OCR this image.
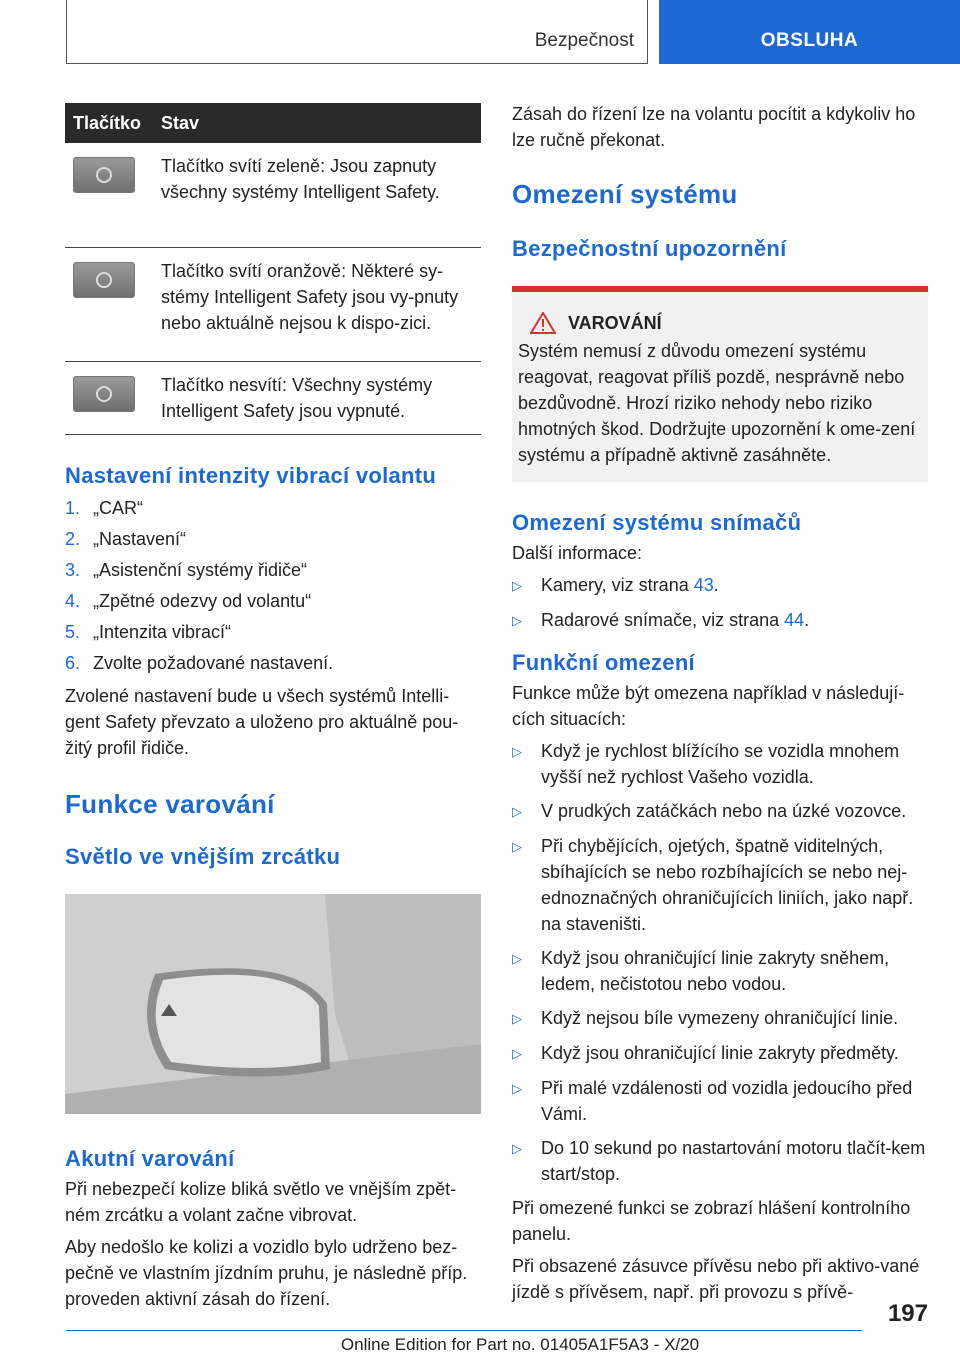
Bezpečnost	OBSLUHA
Tlačítko	Stav

	Tlačítko svítí zeleně: Jsou zapnuty všechny systémy Intelligent Safety.

	Tlačítko svítí oranžově: Některé sy‐stémy Intelligent Safety jsou vy‐pnuty nebo aktuálně nejsou k dispo‐zici.

	Tlačítko nesvítí: Všechny systémy Intelligent Safety jsou vypnuté.
Nastavení intenzity vibrací volantu
1. „CAR“
2. „Nastavení“
3. „Asistenční systémy řidiče“
4. „Zpětné odezvy od volantu“
5. „Intenzita vibrací“
6. Zvolte požadované nastavení.

Zvolené nastavení bude u všech systémů Intelli‐gent Safety převzato a uloženo pro aktuálně pou‐žitý profil řidiče.

Funkce varování
Světlo ve vnějším zrcátku
Akutní varování

Při nebezpečí kolize bliká světlo ve vnějším zpět‐ném zrcátku a volant začne vibrovat.

Aby nedošlo ke kolizi a vozidlo bylo udrženo bez‐pečně ve vlastním jízdním pruhu, je následně příp. proveden aktivní zásah do řízení.

Zásah do řízení lze na volantu pocítit a kdykoliv ho lze ručně překonat.

Omezení systému
Bezpečnostní upozornění
VAROVÁNÍ

Systém nemusí z důvodu omezení systému reagovat, reagovat příliš pozdě, nesprávně nebo bezdůvodně. Hrozí riziko nehody nebo riziko hmotných škod. Dodržujte upozornění k ome‐zení systému a případně aktivně zasáhněte.

Omezení systému snímačů

Další informace:

▷	Kamery, viz strana 43.
▷	Radarové snímače, viz strana 44.
Funkční omezení

Funkce může být omezena například v následují‐cích situacích:

▷	Když je rychlost blížícího se vozidla mnohem vyšší než rychlost Vašeho vozidla.
▷	V prudkých zatáčkách nebo na úzké vozovce.
▷	Při chybějících, ojetých, špatně viditelných, sbíhajících se nebo rozbíhajících se nebo nej‐ednoznačných ohraničujících liniích, jako např. na staveništi.
▷	Když jsou ohraničující linie zakryty sněhem, ledem, nečistotou nebo vodou.
▷	Když nejsou bíle vymezeny ohraničující linie.
▷	Když jsou ohraničující linie zakryty předměty.
▷	Při malé vzdálenosti od vozidla jedoucího před Vámi.
▷	Do 10 sekund po nastartování motoru tlačít‐kem start/stop.

Při omezené funkci se zobrazí hlášení kontrolního panelu.

Při obsazené zásuvce přívěsu nebo při aktivo‐vané jízdě s přívěsem, např. při provozu s přívě‐

197
Online Edition for Part no. 01405A1F5A3 - X/20
